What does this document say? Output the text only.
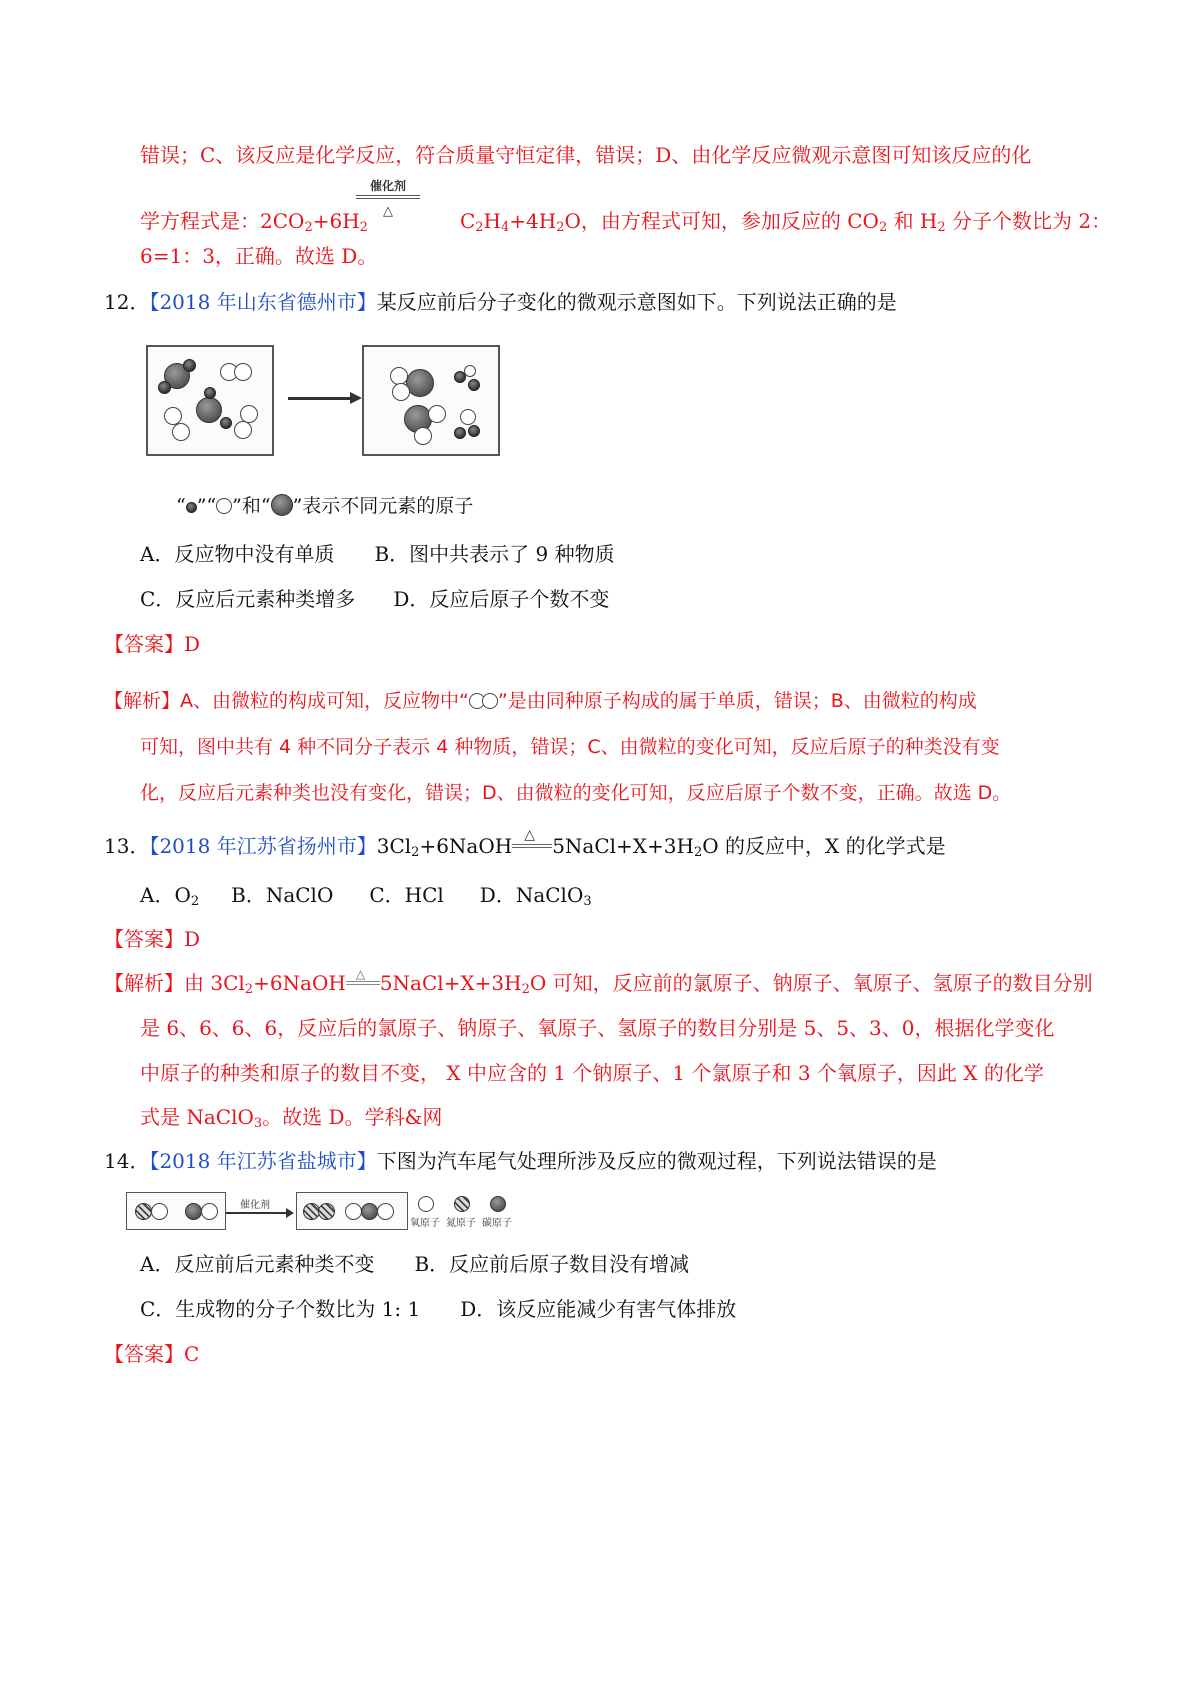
错误；C、该反应是化学反应，符合质量守恒定律，错误；D、由化学反应微观示意图可知该反应的化
学方程式是：$2CO_2+6H_2$	$C_2H_4+4H_2O$，由方程式可知，参加反应的 $CO_2$ 和 $H_2$ 分子个数比为 2：
催化剂
△
6=1：3，正确。故选 D。
12．【2018 年山东省德州市】某反应前后分子变化的微观示意图如下。下列说法正确的是
“ ”“ ”和“ ”表示不同元素的原子
A．反应物中没有单质 B．图中共表示了 9 种物质
C．反应后元素种类增多 D．反应后原子个数不变
【答案】D
【解析】A、由微粒的构成可知，反应物中“ ”是由同种原子构成的属于单质，错误；B、由微粒的构成
可知，图中共有 4 种不同分子表示 4 种物质，错误；C、由微粒的变化可知，反应后原子的种类没有变
化，反应后元素种类也没有变化，错误；D、由微粒的变化可知，反应后原子个数不变，正确。故选 D。
13．【2018 年江苏省扬州市】$3Cl_2+6NaOH$ △ $5NaCl+X+3H_2O$ 的反应中，X 的化学式是
A．$O_2$ B．NaClO C．HCl D．NaClO$_3$
【答案】D
【解析】由 $3Cl_2+6NaOH$ △ $5NaCl+X+3H_2O$ 可知，反应前的氯原子、钠原子、氧原子、氢原子的数目分别
是 6、6、6、6，反应后的氯原子、钠原子、氧原子、氢原子的数目分别是 5、5、3、0，根据化学变化
中原子的种类和原子的数目不变， X 中应含的 1 个钠原子、1 个氯原子和 3 个氧原子，因此 X 的化学
式是 NaClO$_3$。故选 D。学科&网
14．【2018 年江苏省盐城市】下图为汽车尾气处理所涉及反应的微观过程，下列说法错误的是
催化剂
氧原子 氮原子 碳原子
A．反应前后元素种类不变 B．反应前后原子数目没有增减
C．生成物的分子个数比为 1: 1 D．该反应能减少有害气体排放
【答案】C
